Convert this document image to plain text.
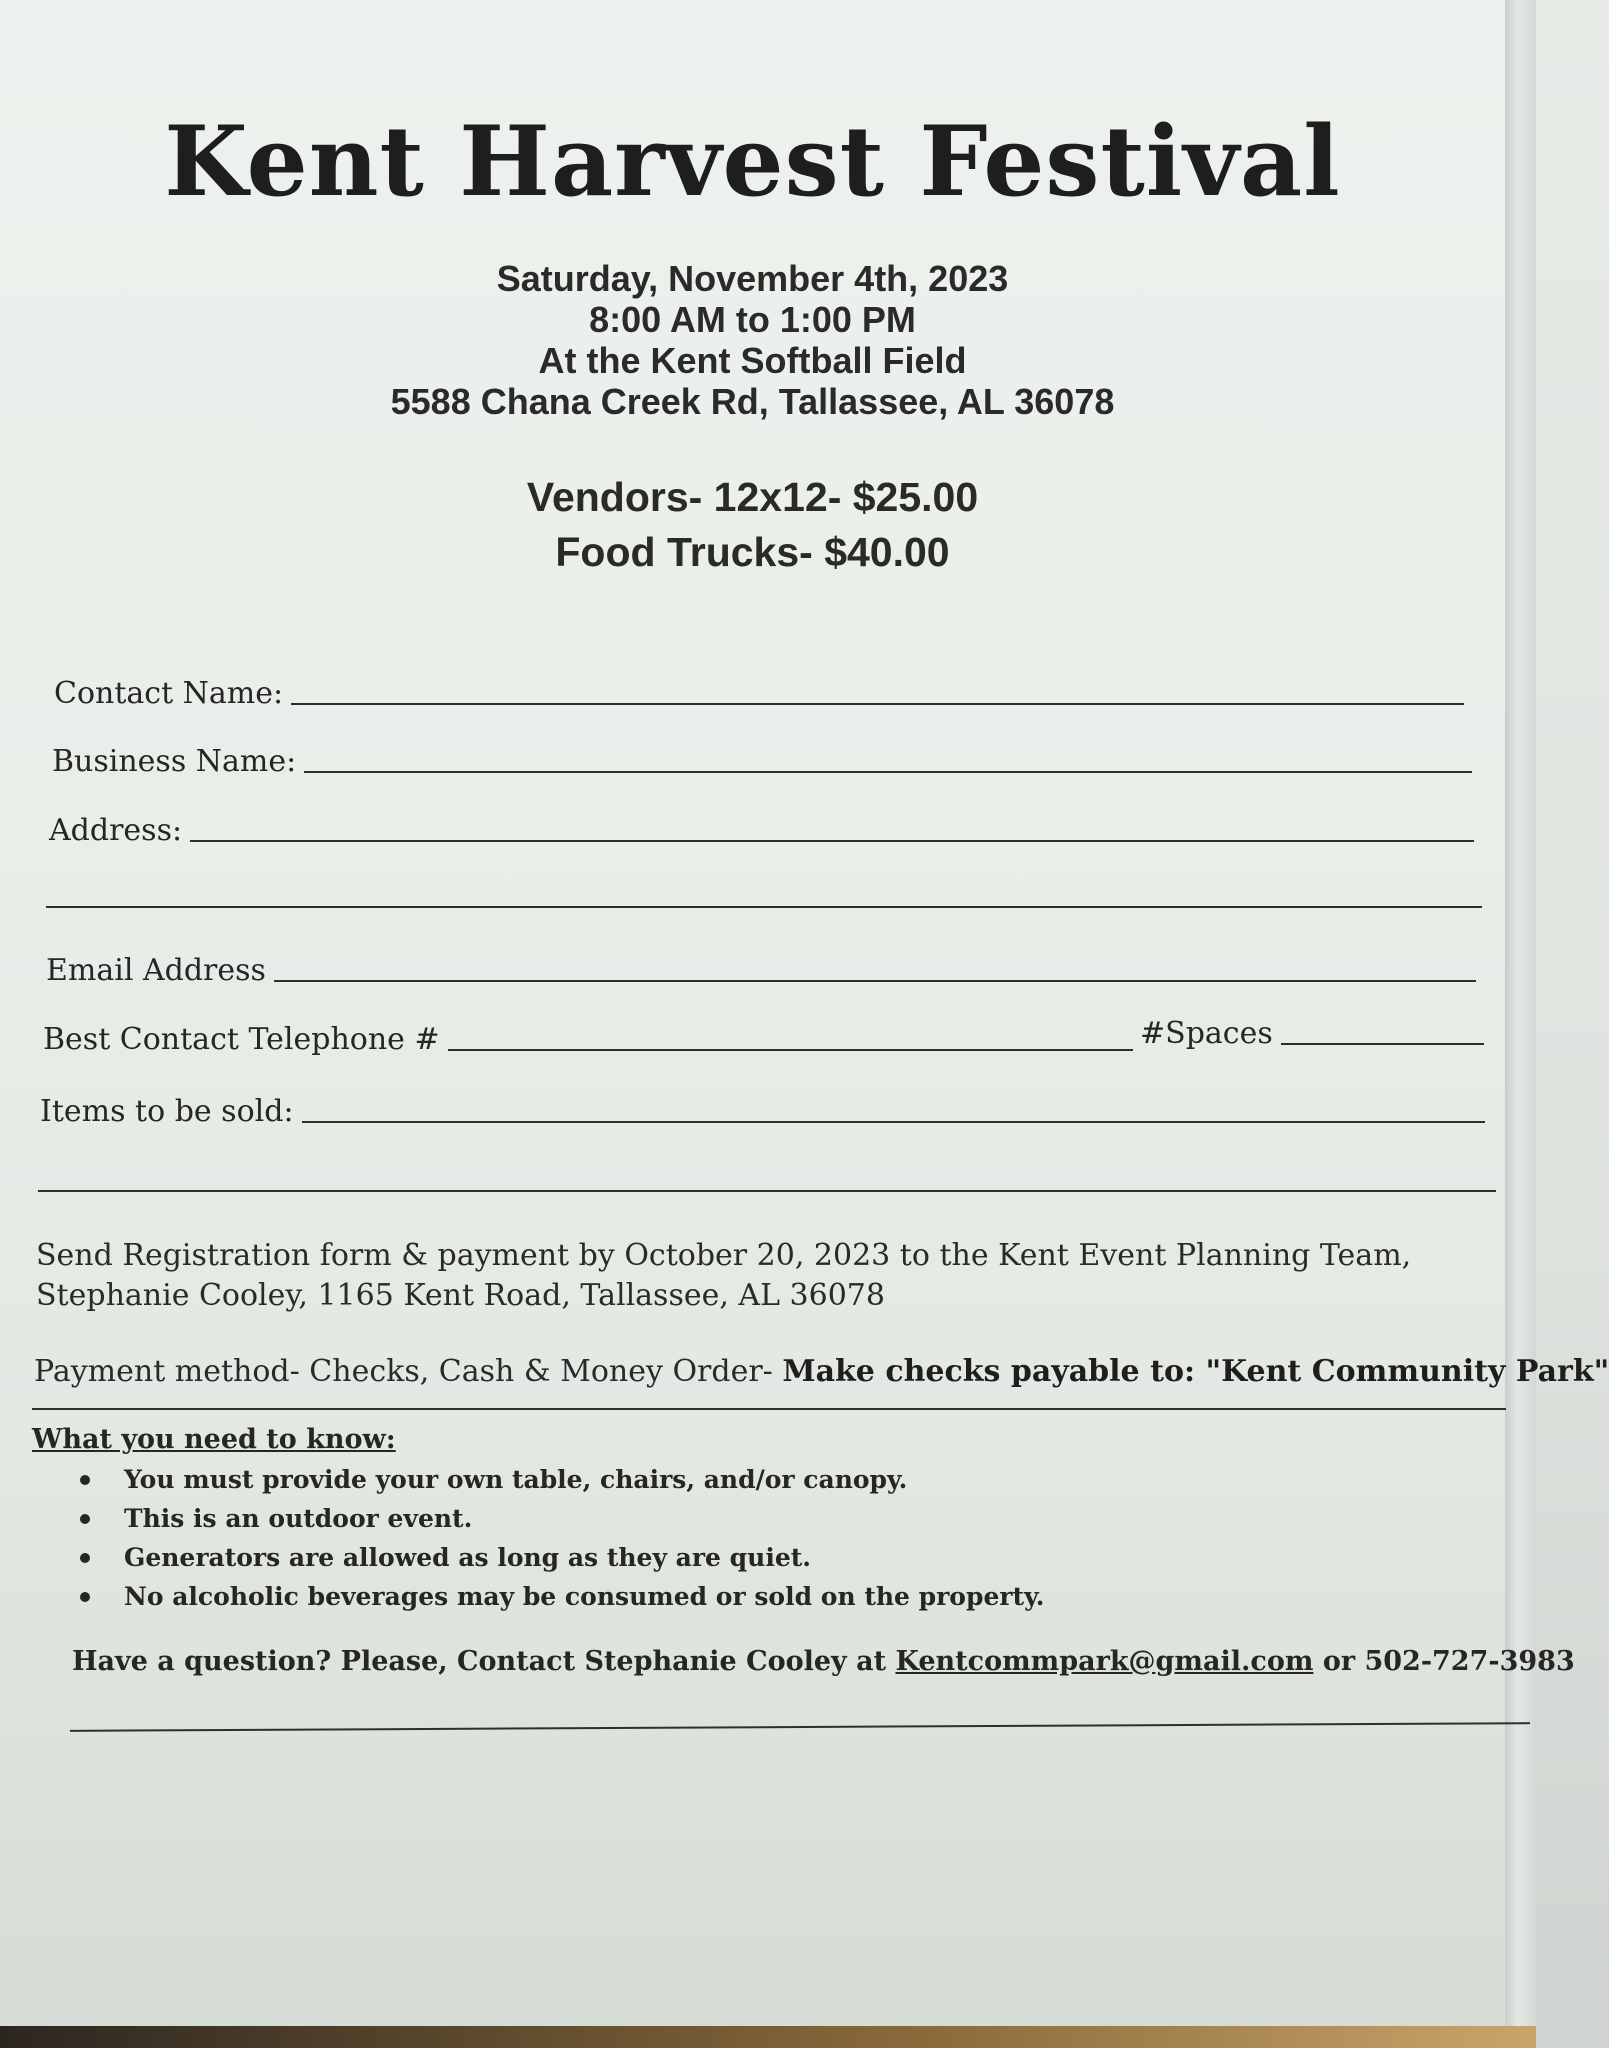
Kent Harvest Festival
Saturday, November 4th, 2023
8:00 AM to 1:00 PM
At the Kent Softball Field
5588 Chana Creek Rd, Tallassee, AL 36078
Vendors- 12x12- $25.00
Food Trucks- $40.00
Contact Name:
Business Name:
Address:
Email Address
Best Contact Telephone #	#Spaces
Items to be sold:
Send Registration form & payment by October 20, 2023 to the Kent Event Planning Team,
Stephanie Cooley, 1165 Kent Road, Tallassee, AL 36078
Payment method- Checks, Cash & Money Order- Make checks payable to: "Kent Community Park"
What you need to know:
You must provide your own table, chairs, and/or canopy.
This is an outdoor event.
Generators are allowed as long as they are quiet.
No alcoholic beverages may be consumed or sold on the property.
Have a question? Please, Contact Stephanie Cooley at Kentcommpark@gmail.com or 502-727-3983
